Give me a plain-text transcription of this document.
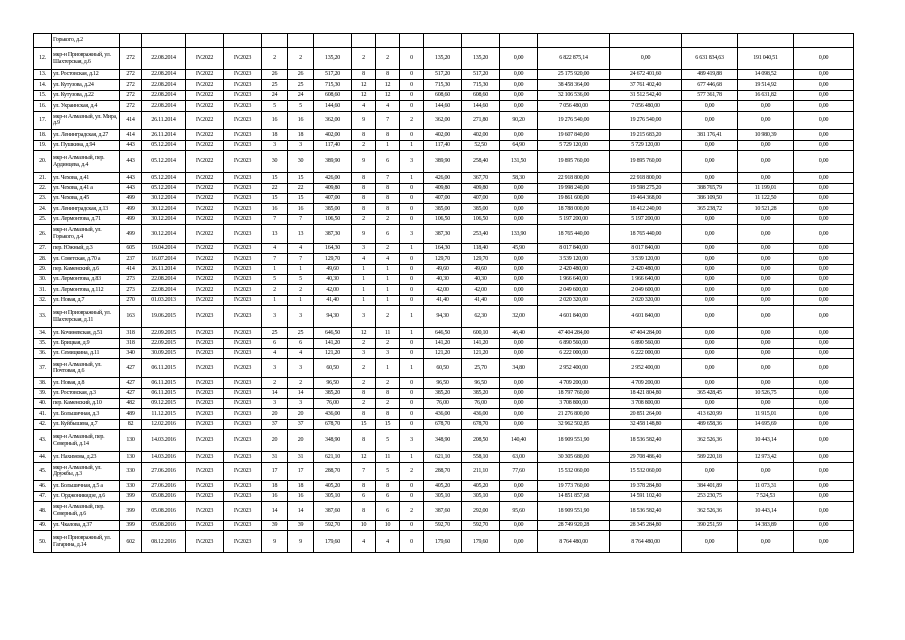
	Горького, д.2																		
12.	мкр-н Приовражный, ул. Шахтерская, д.6	272	22.08.2014	IV.2022	IV.2023	2	2	135,20	2	2	0	135,20	135,20	0,00	6 822 875,14	0,00	6 631 834,63	191 040,51	0,00
13.	ул. Ростовская, д.12	272	22.08.2014	IV.2022	IV.2023	26	26	517,20	8	8	0	517,20	517,20	0,00	25 175 920,00	24 672 401,60	489 419,88	14 098,52	0,00
14.	ул. Кутузова, д.24	272	22.08.2014	IV.2022	IV.2023	25	25	715,30	12	12	0	715,30	715,30	0,00	38 458 364,00	37 761 402,40	677 446,68	19 514,92	0,00
15.	ул. Кутузова, д.22	272	22.08.2014	IV.2022	IV.2023	24	24	608,60	12	12	0	608,60	608,60	0,00	32 106 536,00	31 512 542,40	577 361,78	16 631,82	0,00
16.	ул. Украинская, д.4	272	22.08.2014	IV.2022	IV.2023	5	5	144,60	4	4	0	144,60	144,60	0,00	7 056 480,00	7 056 480,00	0,00	0,00	0,00
17.	мкр-н Алмазный, ул. Мира, д.9	414	26.11.2014	IV.2022	IV.2023	16	16	362,00	9	7	2	362,00	271,80	90,20	19 276 540,00	19 276 540,00	0,00	0,00	0,00
18.	ул. Ленинградская, д.27	414	26.11.2014	IV.2022	IV.2023	18	18	402,00	8	8	0	402,00	402,00	0,00	19 607 840,00	19 215 683,20	381 176,41	10 980,39	0,00
19.	ул. Пушкина, д.94	443	05.12.2014	IV.2022	IV.2023	3	3	117,40	2	1	1	117,40	52,50	64,90	5 729 120,00	5 729 120,00	0,00	0,00	0,00
20.	мкр-н Алмазный, пер. Ардинцева, д.4	443	05.12.2014	IV.2022	IV.2023	30	30	389,90	9	6	3	389,90	258,40	131,50	19 895 760,00	19 895 760,00	0,00	0,00	0,00
21.	ул. Чехова, д.41	443	05.12.2014	IV.2022	IV.2023	15	15	426,00	8	7	1	426,00	367,70	58,30	22 918 800,00	22 918 800,00	0,00	0,00	0,00
22.	ул. Чехова, д.41 а	443	05.12.2014	IV.2022	IV.2023	22	22	409,80	8	8	0	409,80	409,80	0,00	19 998 240,00	19 598 275,20	388 765,79	11 199,01	0,00
23.	ул. Чехова, д.45	499	30.12.2014	IV.2022	IV.2023	15	15	407,00	8	8	0	407,00	407,00	0,00	19 861 600,00	19 464 368,00	386 109,50	11 122,50	0,00
24.	ул. Ленинградская, д.13	499	30.12.2014	IV.2022	IV.2023	16	16	385,00	8	8	0	385,00	385,00	0,00	18 788 000,00	18 412 240,00	365 238,72	10 521,28	0,00
25.	ул. Лермонтова, д.71	499	30.12.2014	IV.2022	IV.2023	7	7	106,50	2	2	0	106,50	106,50	0,00	5 197 200,00	5 197 200,00	0,00	0,00	0,00
26.	мкр-н Алмазный, ул. Горького, д.4	499	30.12.2014	IV.2022	IV.2023	13	13	387,30	9	6	3	387,30	253,40	133,90	18 765 440,00	18 765 440,00	0,00	0,00	0,00
27.	пер. Южный, д.3	605	19.04.2014	IV.2022	IV.2023	4	4	164,30	3	2	1	164,30	118,40	45,90	8 017 840,00	8 017 840,00	0,00	0,00	0,00
28.	ул. Советская, д.70 а	237	16.07.2014	IV.2022	IV.2023	7	7	129,70	4	4	0	129,70	129,70	0,00	3 539 120,00	3 539 120,00	0,00	0,00	0,00
29.	пер. Каменский, д.6	414	26.11.2014	IV.2022	IV.2023	1	1	49,60	1	1	0	49,60	49,60	0,00	2 420 480,00	2 420 480,00	0,00	0,00	0,00
30.	ул. Лермонтова, д.83	273	22.08.2014	IV.2022	IV.2023	5	5	40,30	1	1	0	40,30	40,30	0,00	1 966 640,00	1 966 640,00	0,00	0,00	0,00
31.	ул. Лермонтова, д.112	273	22.08.2014	IV.2022	IV.2023	2	2	42,00	1	1	0	42,00	42,00	0,00	2 049 600,00	2 049 600,00	0,00	0,00	0,00
32.	ул. Новая, д.7	270	01.03.2013	IV.2022	IV.2023	1	1	41,40	1	1	0	41,40	41,40	0,00	2 020 320,00	2 020 320,00	0,00	0,00	0,00
33.	мкр-н Приовражный, ул. Шахтерская, д.11	163	19.06.2015	IV.2023	IV.2023	3	3	94,30	3	2	1	94,30	62,30	32,00	4 601 840,00	4 601 840,00	0,00	0,00	0,00
34.	ул. Кочиневская, д.51	318	22.09.2015	IV.2023	IV.2023	25	25	646,50	12	11	1	646,50	600,10	46,40	47 404 284,00	47 404 284,00	0,00	0,00	0,00
35.	ул. Брицкая, д.9	318	22.09.2015	IV.2023	IV.2023	6	6	141,20	2	2	0	141,20	141,20	0,00	6 890 560,00	6 890 560,00	0,00	0,00	0,00
36.	ул. Семицкина, д.11	340	30.09.2015	IV.2023	IV.2023	4	4	121,20	3	3	0	121,20	121,20	0,00	6 222 000,00	6 222 000,00	0,00	0,00	0,00
37.	мкр-н Алмазный, ул. Почтовая, д.6	427	06.11.2015	IV.2023	IV.2023	3	3	60,50	2	1	1	60,50	25,70	34,80	2 952 400,00	2 952 400,00	0,00	0,00	0,00
38.	ул. Новая, д.8	427	06.11.2015	IV.2023	IV.2023	2	2	96,50	2	2	0	96,50	96,50	0,00	4 709 200,00	4 709 200,00	0,00	0,00	0,00
39.	ул. Ростовская, д.3	427	06.11.2015	IV.2023	IV.2023	14	14	385,20	8	8	0	385,20	385,20	0,00	18 797 760,00	18 421 804,80	365 428,45	10 526,75	0,00
40.	пер. Каменский, д.10	482	09.12.2015	IV.2023	IV.2023	3	3	76,00	2	2	0	76,00	76,00	0,00	3 708 800,00	3 708 800,00	0,00	0,00	0,00
41.	ул. Большичная, д.3	489	11.12.2015	IV.2023	IV.2023	20	20	436,00	8	8	0	436,00	436,00	0,00	21 276 800,00	20 851 264,00	413 620,99	11 915,01	0,00
42.	ул. Куйбышева, д.7	82	12.02.2016	IV.2023	IV.2023	37	37	678,70	15	15	0	678,70	678,70	0,00	32 962 502,85	32 458 148,80	489 658,36	14 695,69	0,00
43.	мкр-н Алмазный, пер. Северный, д.14	130	14.03.2016	IV.2023	IV.2023	20	20	348,90	8	5	3	348,90	208,50	140,40	18 909 551,90	18 536 582,40	362 526,36	10 443,14	0,00
44.	ул. Нахимова, д.23	130	14.03.2016	IV.2023	IV.2023	31	31	621,10	12	11	1	621,10	558,10	63,00	30 305 680,00	29 708 486,40	589 220,18	12 973,42	0,00
45.	мкр-н Алмазный, ул. Дружбы, д.3	330	27.06.2016	IV.2023	IV.2023	17	17	288,70	7	5	2	288,70	211,10	77,60	15 532 060,00	15 532 060,00	0,00	0,00	0,00
46.	ул. Большичная, д.5 а	330	27.06.2016	IV.2023	IV.2023	18	18	405,20	8	8	0	405,20	405,20	0,00	19 773 760,00	19 378 284,80	384 401,89	11 073,31	0,00
47.	ул. Орджоникидзе, д.6	399	05.08.2016	IV.2023	IV.2023	16	16	305,10	6	6	0	305,10	305,10	0,00	14 851 857,68	14 591 102,40	253 230,75	7 524,53	0,00
48.	мкр-н Алмазный, пер. Северный, д.6	399	05.08.2016	IV.2023	IV.2023	14	14	387,60	8	6	2	387,60	292,00	95,60	18 909 551,90	18 536 582,40	362 526,36	10 443,14	0,00
49.	ул. Чкалова, д.37	399	05.08.2016	IV.2023	IV.2023	39	39	592,70	10	10	0	592,70	592,70	0,00	28 749 920,28	28 345 284,80	390 251,59	14 383,89	0,00
50.	мкр-н Приовражный, ул. Гагарина, д.14	602	08.12.2016	IV.2023	IV.2023	9	9	179,60	4	4	0	179,60	179,60	0,00	8 764 480,00	8 764 480,00	0,00	0,00	0,00
